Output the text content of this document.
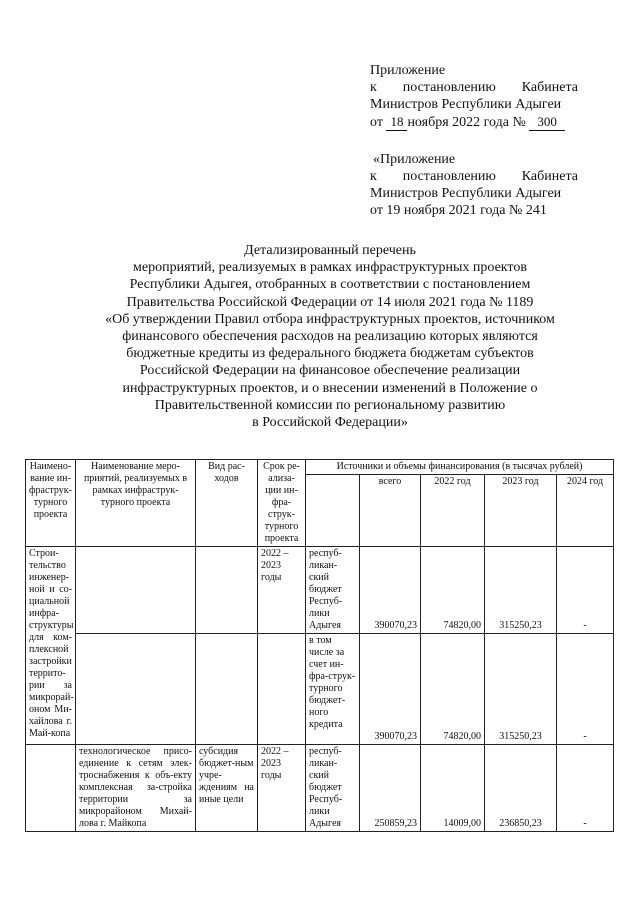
Приложение
к постановлению Кабинета
Министров Республики Адыгеи
от 18 ноября 2022 года № 300
«Приложение
к постановлению Кабинета
Министров Республики Адыгеи
от 19 ноября 2021 года № 241
Детализированный перечень
мероприятий, реализуемых в рамках инфраструктурных проектов
Республики Адыгея, отобранных в соответствии с постановлением
Правительства Российской Федерации от 14 июля 2021 года № 1189
«Об утверждении Правил отбора инфраструктурных проектов, источником
финансового обеспечения расходов на реализацию которых являются
бюджетные кредиты из федерального бюджета бюджетам субъектов
Российской Федерации на финансовое обеспечение реализации
инфраструктурных проектов, и о внесении изменений в Положение о
Правительственной комиссии по региональному развитию
в Российской Федерации»
Наимено-вание ин-фраструк-турного проекта	Наименование меро-приятий, реализуемых в рамках инфраструк-турного проекта	Вид рас-ходов	Срок ре-ализа-ции ин-фра-струк-турного проекта	Источники и объемы финансирования (в тысячах рублей)				
					всего	2022 год	2023 год	2024 год
Строи-тельство инженер-ной и со-циальной инфра-структуры для ком-плексной застройки террито-рии за микрорай-оном Ми-хайлова г. Май-копа			2022 – 2023 годы	респуб-ликан-ский бюджет Респуб-лики Адыгея	390070,23	74820,00	315250,23	-
				в том числе за счет ин-фра-струк-турного бюджет-ного кредита	390070,23	74820,00	315250,23	-
	технологическое присо-единение к сетям элек-троснабжения к объ-екту комплексная за-стройка территории за микрорайоном Михай-лова г. Майкопа	субсидия бюджет-ным учре-ждениям на иные цели	2022 – 2023 годы	респуб-ликан-ский бюджет Респуб-лики Адыгея	250859,23	14009,00	236850,23	-
